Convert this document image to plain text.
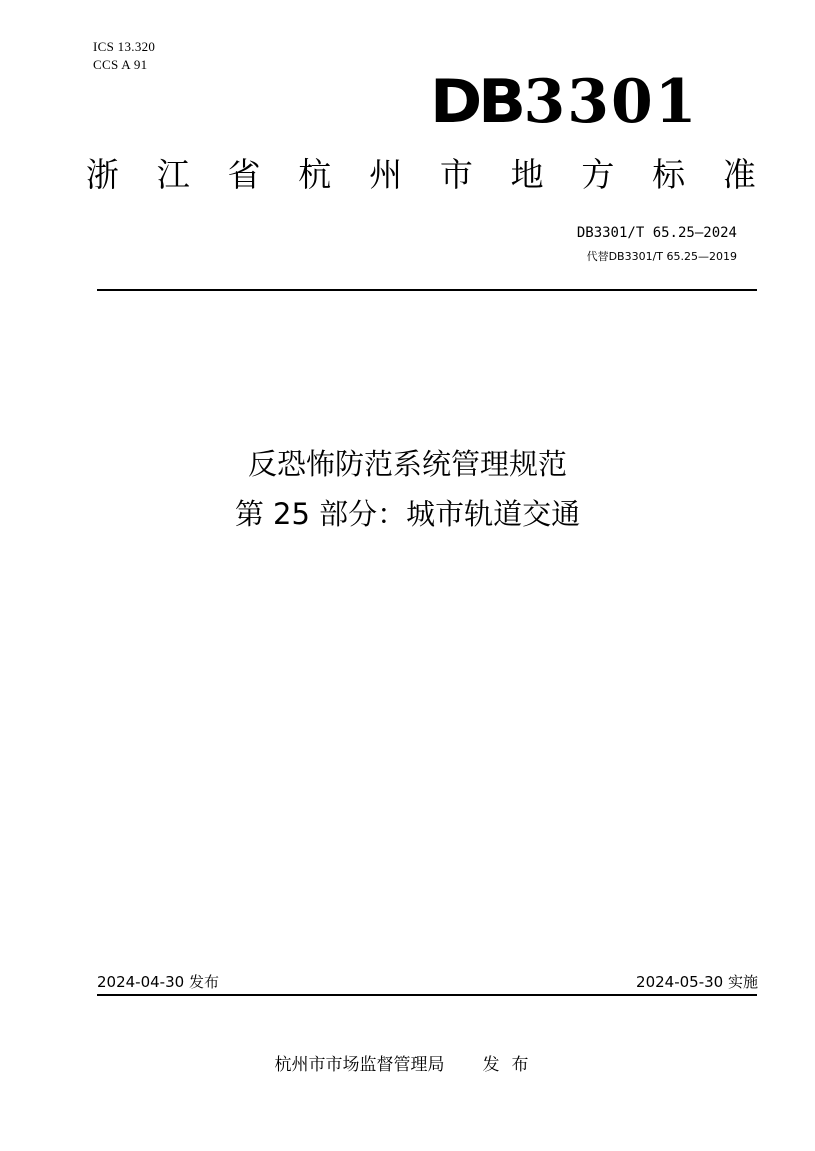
ICS 13.320
CCS A 91
DB 3301
浙 江 省 杭 州 市 地 方 标 准
DB3301/T 65.25—2024
代替DB3301/T 65.25—2019
反恐怖防范系统管理规范
第 25 部分：城市轨道交通
2024-04-30 发布	2024-05-30 实施
杭州市市场监督管理局 发布
